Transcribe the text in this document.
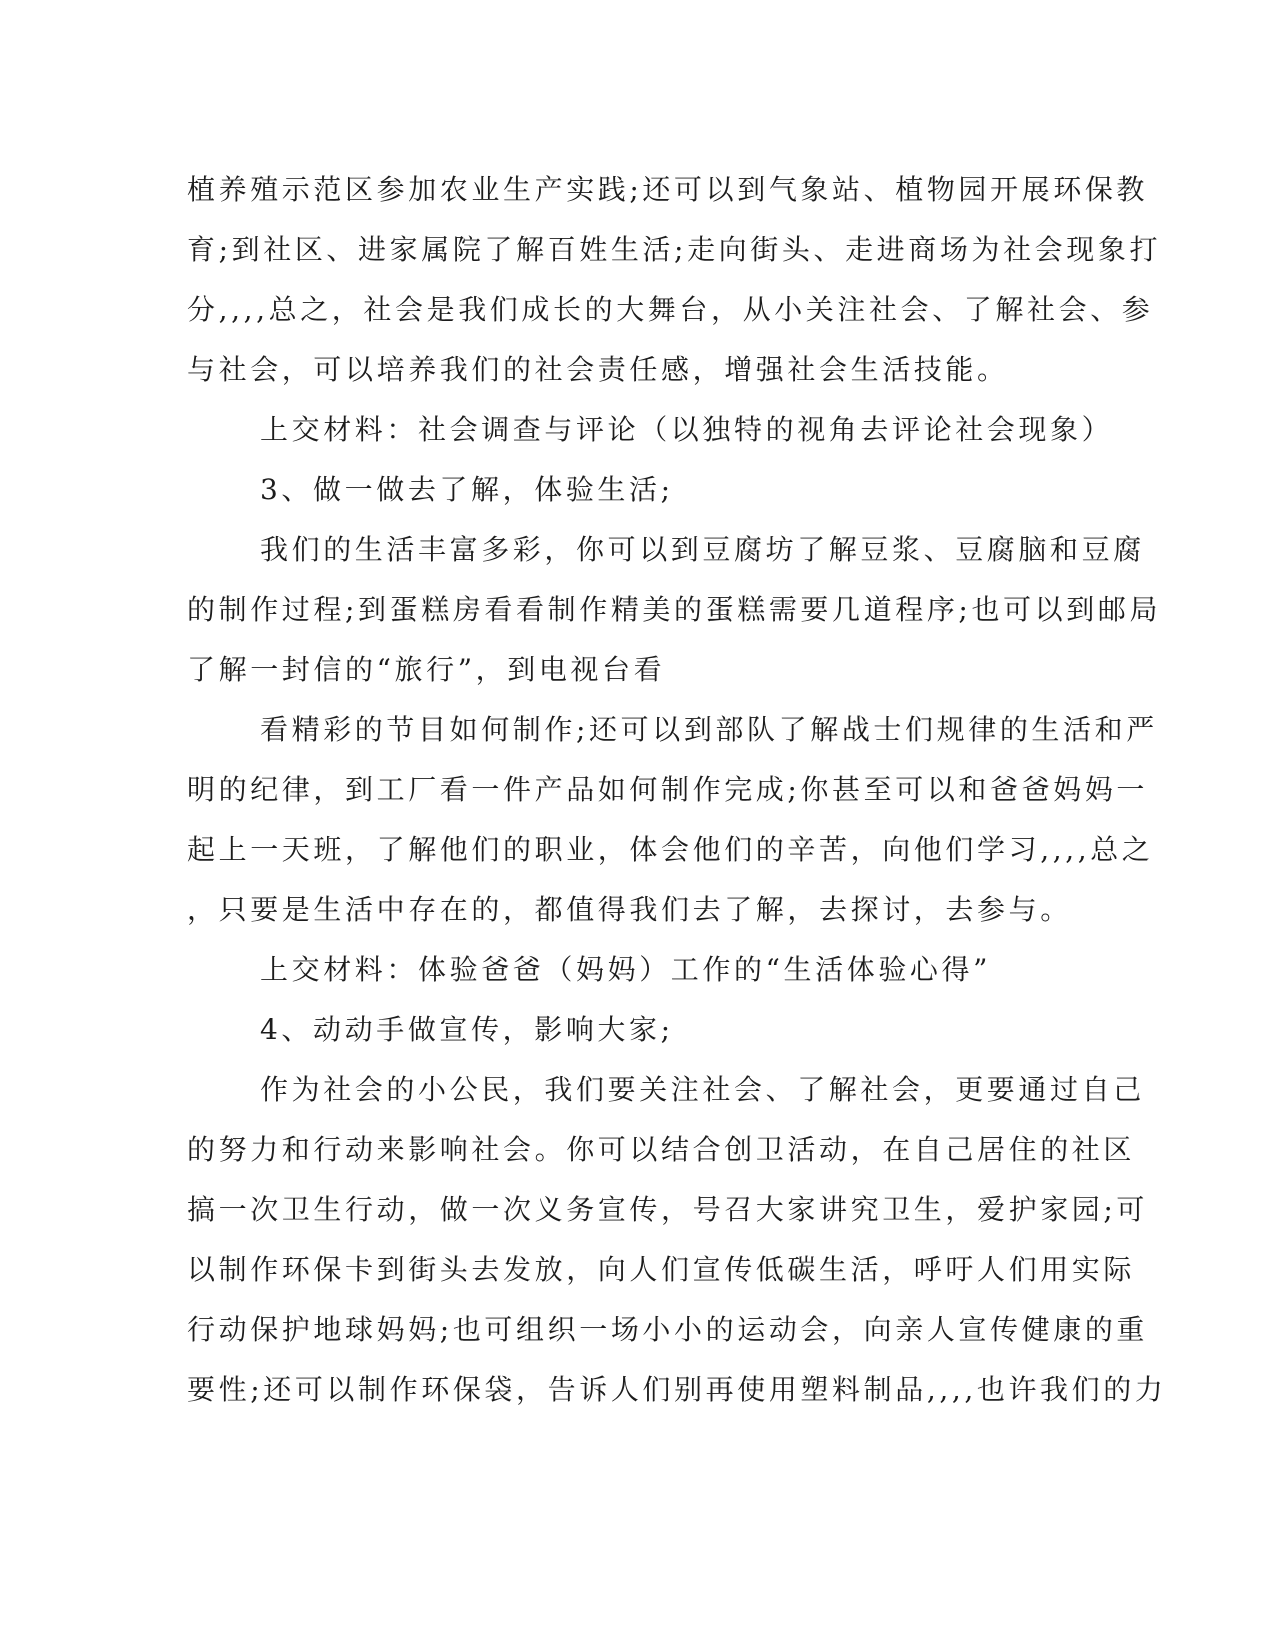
植养殖示范区参加农业生产实践;还可以到气象站、植物园开展环保教
育;到社区、进家属院了解百姓生活;走向街头、走进商场为社会现象打
分,,,,总之，社会是我们成长的大舞台，从小关注社会、了解社会、参
与社会，可以培养我们的社会责任感，增强社会生活技能。
上交材料：社会调查与评论（以独特的视角去评论社会现象）
3、做一做去了解，体验生活;
我们的生活丰富多彩，你可以到豆腐坊了解豆浆、豆腐脑和豆腐
的制作过程;到蛋糕房看看制作精美的蛋糕需要几道程序;也可以到邮局
了解一封信的“旅行”，到电视台看
看精彩的节目如何制作;还可以到部队了解战士们规律的生活和严
明的纪律，到工厂看一件产品如何制作完成;你甚至可以和爸爸妈妈一
起上一天班，了解他们的职业，体会他们的辛苦，向他们学习,,,,总之
，只要是生活中存在的，都值得我们去了解，去探讨，去参与。
上交材料：体验爸爸（妈妈）工作的“生活体验心得”
4、动动手做宣传，影响大家;
作为社会的小公民，我们要关注社会、了解社会，更要通过自己
的努力和行动来影响社会。你可以结合创卫活动，在自己居住的社区
搞一次卫生行动，做一次义务宣传，号召大家讲究卫生，爱护家园;可
以制作环保卡到街头去发放，向人们宣传低碳生活，呼吁人们用实际
行动保护地球妈妈;也可组织一场小小的运动会，向亲人宣传健康的重
要性;还可以制作环保袋，告诉人们别再使用塑料制品,,,,也许我们的力
